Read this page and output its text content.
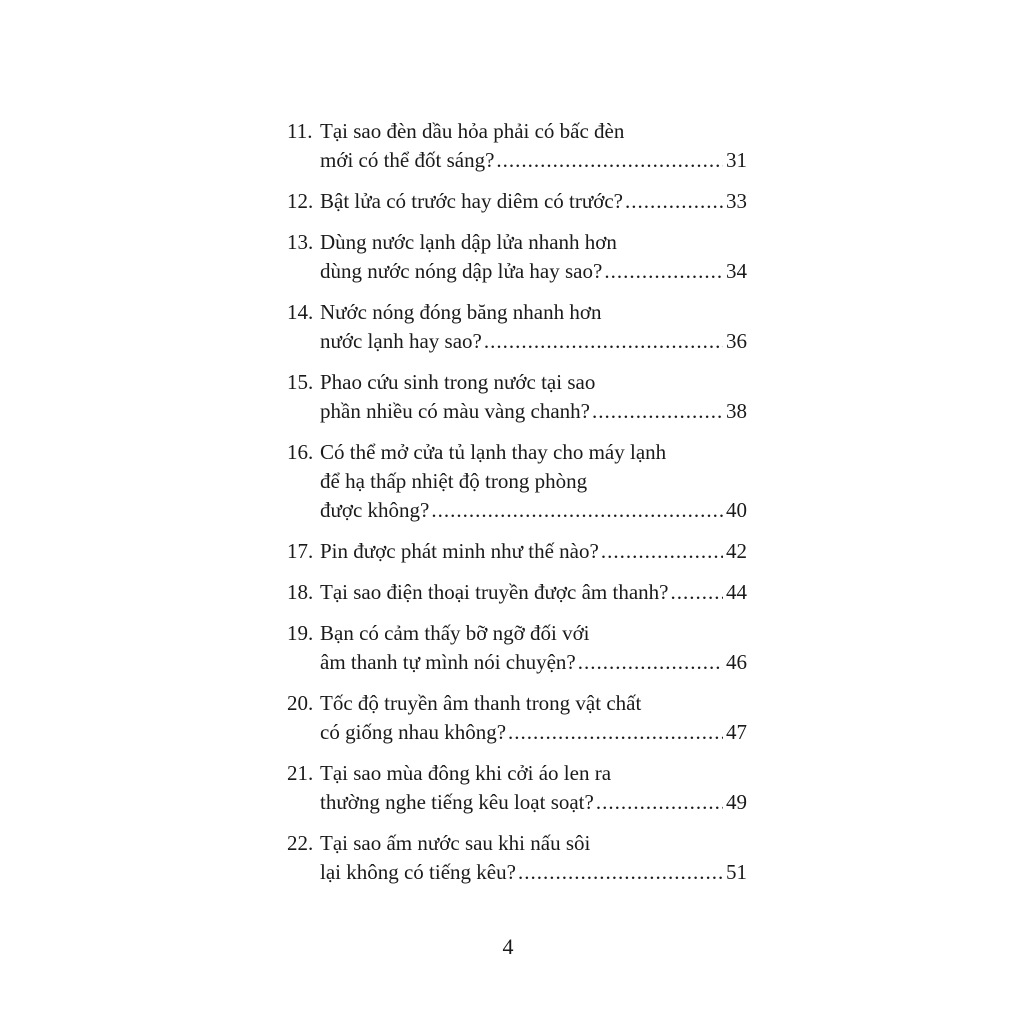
11. Tại sao đèn dầu hỏa phải có bấc đèn
mới có thể đốt sáng? .....	31
12. Bật lửa có trước hay diêm có trước? .....	33
13. Dùng nước lạnh dập lửa nhanh hơn
dùng nước nóng dập lửa hay sao? .....	34
14. Nước nóng đóng băng nhanh hơn
nước lạnh hay sao? .....	36
15. Phao cứu sinh trong nước tại sao
phần nhiều có màu vàng chanh? .....	38
16. Có thể mở cửa tủ lạnh thay cho máy lạnh
để hạ thấp nhiệt độ trong phòng
được không? .....	40
17. Pin được phát minh như thế nào? .....	42
18. Tại sao điện thoại truyền được âm thanh? .....	44
19. Bạn có cảm thấy bỡ ngỡ đối với
âm thanh tự mình nói chuyện? .....	46
20. Tốc độ truyền âm thanh trong vật chất
có giống nhau không? .....	47
21. Tại sao mùa đông khi cởi áo len ra
thường nghe tiếng kêu loạt soạt? .....	49
22. Tại sao ấm nước sau khi nấu sôi
lại không có tiếng kêu? .....	51
4
